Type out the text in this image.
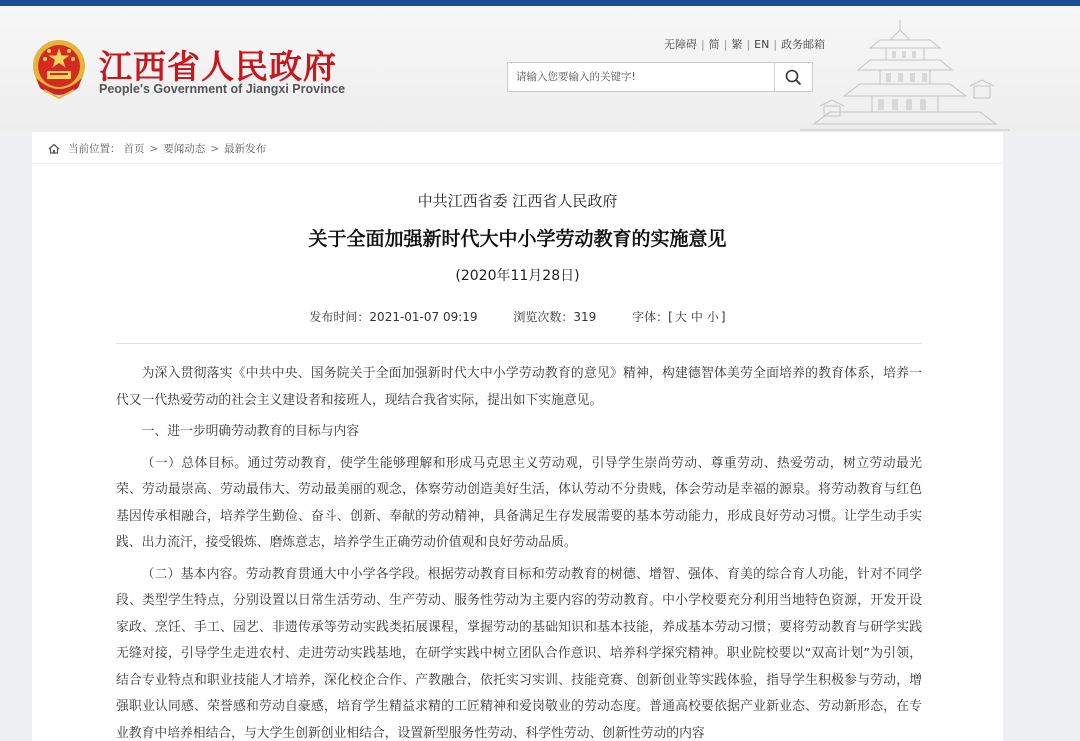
江西省人民政府
People's Government of Jiangxi Province
无障碍 | 简 | 繁 | EN | 政务邮箱
请输入您要输入的关键字!
当前位置： 首页 > 要闻动态 > 最新发布
中共江西省委 江西省人民政府
关于全面加强新时代大中小学劳动教育的实施意见
(2020年11月28日)
发布时间：2021-01-07 09:19	浏览次数：319	字体：[ 大 中 小 ]

为深入贯彻落实《中共中央、国务院关于全面加强新时代大中小学劳动教育的意见》精神，构建德智体美劳全面培养的教育体系，培养一代又一代热爱劳动的社会主义建设者和接班人，现结合我省实际，提出如下实施意见。

一、进一步明确劳动教育的目标与内容

（一）总体目标。通过劳动教育，使学生能够理解和形成马克思主义劳动观，引导学生崇尚劳动、尊重劳动、热爱劳动，树立劳动最光荣、劳动最崇高、劳动最伟大、劳动最美丽的观念，体察劳动创造美好生活，体认劳动不分贵贱，体会劳动是幸福的源泉。将劳动教育与红色基因传承相融合，培养学生勤俭、奋斗、创新、奉献的劳动精神，具备满足生存发展需要的基本劳动能力，形成良好劳动习惯。让学生动手实践、出力流汗，接受锻炼、磨炼意志，培养学生正确劳动价值观和良好劳动品质。

（二）基本内容。劳动教育贯通大中小学各学段。根据劳动教育目标和劳动教育的树德、增智、强体、育美的综合育人功能，针对不同学段、类型学生特点，分别设置以日常生活劳动、生产劳动、服务性劳动为主要内容的劳动教育。中小学校要充分利用当地特色资源，开发开设家政、烹饪、手工、园艺、非遗传承等劳动实践类拓展课程，掌握劳动的基础知识和基本技能，养成基本劳动习惯；要将劳动教育与研学实践无缝对接，引导学生走进农村、走进劳动实践基地，在研学实践中树立团队合作意识、培养科学探究精神。职业院校要以“双高计划”为引领，结合专业特点和职业技能人才培养，深化校企合作、产教融合，依托实习实训、技能竞赛、创新创业等实践体验，指导学生积极参与劳动，增强职业认同感、荣誉感和劳动自豪感，培育学生精益求精的工匠精神和爱岗敬业的劳动态度。普通高校要依据产业新业态、劳动新形态，在专业教育中培养相结合，与大学生创新创业相结合，设置新型服务性劳动、科学性劳动、创新性劳动的内容
